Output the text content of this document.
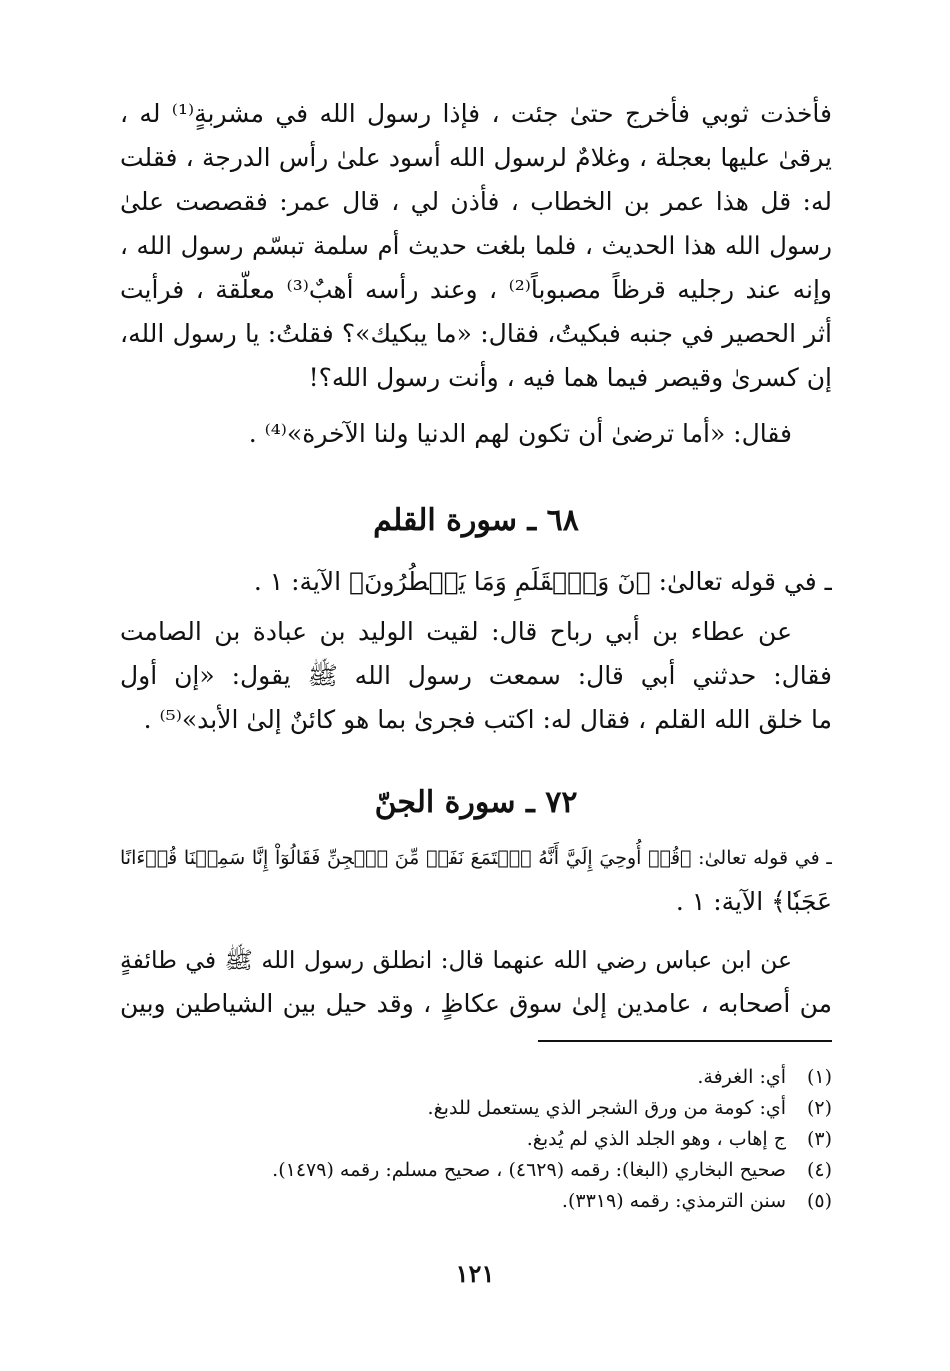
فأخذت ثوبي فأخرج حتىٰ جئت ، فإذا رسول الله في مشربةٍ⁽¹⁾ له ،
يرقىٰ عليها بعجلة ، وغلامٌ لرسول الله أسود علىٰ رأس الدرجة ، فقلت
له: قل هذا عمر بن الخطاب ، فأذن لي ، قال عمر: فقصصت علىٰ
رسول الله هذا الحديث ، فلما بلغت حديث أم سلمة تبسّم رسول الله ،
وإنه عند رجليه قرظاً مصبوباً⁽²⁾ ، وعند رأسه أهبٌ⁽³⁾ معلّقة ، فرأيت
أثر الحصير في جنبه فبكيتُ، فقال: «ما يبكيك»؟ فقلتُ: يا رسول الله،
إن كسرىٰ وقيصر فيما هما فيه ، وأنت رسول الله؟!
فقال: «أما ترضىٰ أن تكون لهم الدنيا ولنا الآخرة»⁽⁴⁾ .
٦٨ ـ سورة القلم
ـ في قوله تعالىٰ: ﴿نٓ وَٱلۡقَلَمِ وَمَا يَسۡطُرُونَ﴾ الآية: ١ .
عن عطاء بن أبي رباح قال: لقيت الوليد بن عبادة بن الصامت
فقال: حدثني أبي قال: سمعت رسول الله ﷺ يقول: «إن أول
ما خلق الله القلم ، فقال له: اكتب فجرىٰ بما هو كائنٌ إلىٰ الأبد»⁽⁵⁾ .
٧٢ ـ سورة الجنّ
ـ في قوله تعالىٰ: ﴿قُلۡ أُوحِيَ إِلَيَّ أَنَّهُ ٱسۡتَمَعَ نَفَرٞ مِّنَ ٱلۡجِنِّ فَقَالُوٓاْ إِنَّا سَمِعۡنَا قُرۡءَانًا
عَجَبٗا﴾ الآية: ١ .
عن ابن عباس رضي الله عنهما قال: انطلق رسول الله ﷺ في طائفةٍ
من أصحابه ، عامدين إلىٰ سوق عكاظٍ ، وقد حيل بين الشياطين وبين
(١)
أي: الغرفة.
(٢)
أي: كومة من ورق الشجر الذي يستعمل للدبغ.
(٣)
ج إهاب ، وهو الجلد الذي لم يُدبغ.
(٤)
صحيح البخاري (البغا): رقمه (٤٦٢٩) ، صحيح مسلم: رقمه (١٤٧٩).
(٥)
سنن الترمذي: رقمه (٣٣١٩).
١٢١
